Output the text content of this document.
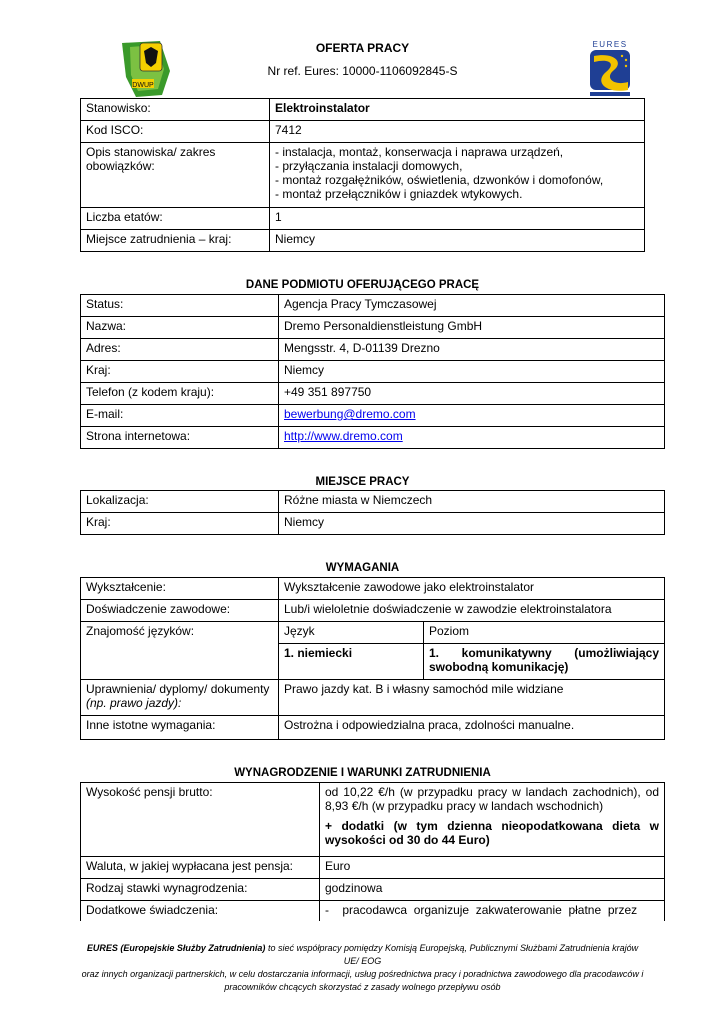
DWUP
EURES
OFERTA PRACY
Nr ref. Eures: 10000-1106092845-S
Stanowisko:	Elektroinstalator
Kod ISCO:	7412
Opis stanowiska/ zakres obowiązków:	- instalacja, montaż, konserwacja i naprawa urządzeń,
- przyłączania instalacji domowych,
- montaż rozgałężników, oświetlenia, dzwonków i domofonów,
- montaż przełączników i gniazdek wtykowych.

Liczba etatów:	1
Miejsce zatrudnienia – kraj:	Niemcy
DANE PODMIOTU OFERUJĄCEGO PRACĘ
Status:	Agencja Pracy Tymczasowej
Nazwa:	Dremo Personaldienstleistung GmbH
Adres:	Mengsstr. 4, D-01139 Drezno
Kraj:	Niemcy
Telefon (z kodem kraju):	+49 351 897750
E-mail:	bewerbung@dremo.com
Strona internetowa:	http://www.dremo.com
MIEJSCE PRACY
Lokalizacja:	Różne miasta w Niemczech
Kraj:	Niemcy
WYMAGANIA
Wykształcenie:	Wykształcenie zawodowe jako elektroinstalator	
Doświadczenie zawodowe:	Lub/i wieloletnie doświadczenie w zawodzie elektroinstalatora	
Znajomość języków:	Język	Poziom
	1. niemiecki	1. komunikatywny (umożliwiający swobodną komunikację)

Uprawnienia/ dyplomy/ dokumenty
(np. prawo jazdy):	Prawo jazdy kat. B i własny samochód mile widziane	
Inne istotne wymagania:	Ostrożna i odpowiedzialna praca, zdolności manualne.	
WYNAGRODZENIE I WARUNKI ZATRUDNIENIA
Wysokość pensji brutto:	od 10,22 €/h (w przypadku pracy w landach zachodnich), od 8,93 €/h (w przypadku pracy w landach wschodnich)
+ dodatki (w tym dzienna nieopodatkowana dieta w wysokości od 30 do 44 Euro)

Waluta, w jakiej wypłacana jest pensja:	Euro
Rodzaj stawki wynagrodzenia:	godzinowa
Dodatkowe świadczenia:	-    pracodawca  organizuje  zakwaterowanie  płatne  przez
EURES (Europejskie Służby Zatrudnienia) to sieć współpracy pomiędzy Komisją Europejską, Publicznymi Służbami Zatrudnienia krajów UE/ EOG
oraz innych organizacji partnerskich, w celu dostarczania informacji, usług pośrednictwa pracy i poradnictwa zawodowego dla pracodawców i
pracowników chcących skorzystać z zasady wolnego przepływu osób
